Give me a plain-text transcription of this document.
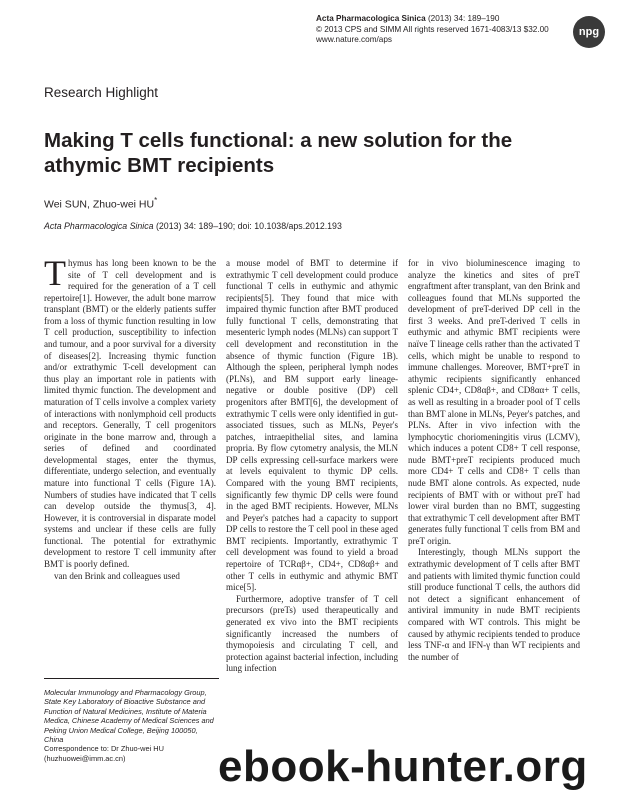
Acta Pharmacologica Sinica (2013) 34: 189–190
© 2013 CPS and SIMM All rights reserved 1671-4083/13 $32.00
www.nature.com/aps
npg
Research Highlight
Making T cells functional: a new solution for the athymic BMT recipients
Wei SUN, Zhuo-wei HU*
Acta Pharmacologica Sinica (2013) 34: 189–190; doi: 10.1038/aps.2012.193

Thymus has long been known to be the site of T cell development and is required for the generation of a T cell repertoire[1]. However, the adult bone marrow transplant (BMT) or the elderly patients suffer from a loss of thymic function resulting in low T cell production, susceptibility to infection and tumour, and a poor survival for a diversity of diseases[2]. Increasing thymic function and/or extrathymic T-cell development can thus play an important role in patients with limited thymic function. The development and maturation of T cells involve a complex variety of interactions with nonlymphoid cell products and receptors. Generally, T cell progenitors originate in the bone marrow and, through a series of defined and coordinated developmental stages, enter the thymus, differentiate, undergo selection, and eventually mature into functional T cells (Figure 1A). Numbers of studies have indicated that T cells can develop outside the thymus[3, 4]. However, it is controversial in disparate model systems and unclear if these cells are fully functional. The potential for extrathymic development to restore T cell immunity after BMT is poorly defined.

van den Brink and colleagues used

a mouse model of BMT to determine if extrathymic T cell development could produce functional T cells in euthymic and athymic recipients[5]. They found that mice with impaired thymic function after BMT produced fully functional T cells, demonstrating that mesenteric lymph nodes (MLNs) can support T cell development and reconstitution in the absence of thymic function (Figure 1B). Although the spleen, peripheral lymph nodes (PLNs), and BM support early lineage-negative or double positive (DP) cell progenitors after BMT[6], the development of extrathymic T cells were only identified in gut-associated tissues, such as MLNs, Peyer's patches, intraepithelial sites, and lamina propria. By flow cytometry analysis, the MLN DP cells expressing cell-surface markers were at levels equivalent to thymic DP cells. Compared with the young BMT recipients, significantly few thymic DP cells were found in the aged BMT recipients. However, MLNs and Peyer's patches had a capacity to support DP cells to restore the T cell pool in these aged BMT recipients. Importantly, extrathymic T cell development was found to yield a broad repertoire of TCRαβ+, CD4+, CD8αβ+ and other T cells in euthymic and athymic BMT mice[5].

Furthermore, adoptive transfer of T cell precursors (preTs) used therapeutically and generated ex vivo into the BMT recipients significantly increased the numbers of thymopoiesis and circulating T cell, and protection against bacterial infection, including lung infection

for in vivo bioluminescence imaging to analyze the kinetics and sites of preT engraftment after transplant, van den Brink and colleagues found that MLNs supported the development of preT-derived DP cell in the first 3 weeks. And preT-derived T cells in euthymic and athymic BMT recipients were naïve T lineage cells rather than the activated T cells, which might be unable to respond to immune challenges. Moreover, BMT+preT in athymic recipients significantly enhanced splenic CD4+, CD8αβ+, and CD8αα+ T cells, as well as resulting in a broader pool of T cells than BMT alone in MLNs, Peyer's patches, and PLNs. After in vivo infection with the lymphocytic choriomeningitis virus (LCMV), which induces a potent CD8+ T cell response, nude BMT+preT recipients produced much more CD4+ T cells and CD8+ T cells than nude BMT alone controls. As expected, nude recipients of BMT with or without preT had lower viral burden than no BMT, suggesting that extrathymic T cell development after BMT generates fully functional T cells from BM and preT origin.

Interestingly, though MLNs support the extrathymic development of T cells after BMT and patients with limited thymic function could still produce functional T cells, the authors did not detect a significant enhancement of antiviral immunity in nude BMT recipients compared with WT controls. This might be caused by athymic recipients tended to produce less TNF-α and IFN-γ than WT recipients and the number of

Molecular Immunology and Pharmacology Group, State Key Laboratory of Bioactive Substance and Function of Natural Medicines, Institute of Materia Medica, Chinese Academy of Medical Sciences and Peking Union Medical College, Beijing 100050, China
Correspondence to: Dr Zhuo-wei HU
(huzhuowei@imm.ac.cn)	ebook-hunter.org
